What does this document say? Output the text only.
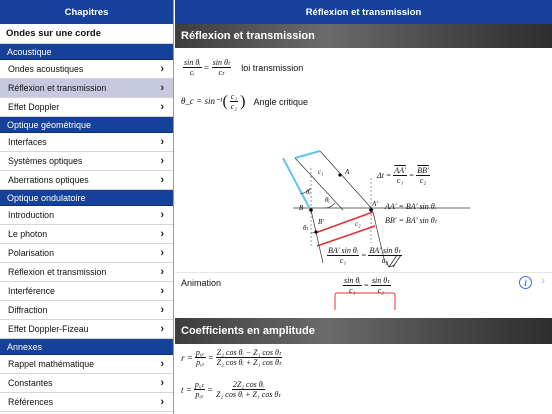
Chapitres
Ondes sur une corde
Acoustique
Ondes acoustiques	›
Réflexion et transmission	›
Effet Doppler	›
Optique géométrique
Interfaces	›
Systèmes optiques	›
Aberrations optiques	›
Optique ondulatoire
Introduction	›
Le photon	›
Polarisation	›
Réflexion et transmission	›
Interférence	›
Diffraction	›
Effet Doppler-Fizeau	›
Annexes
Rappel mathématique	›
Constantes	›
Références	›
Réflexion et transmission
Réflexion et transmission
$\frac{\text{sin θᵢ}}{\text{cᵢ}} = \frac{\text{sin θₜ}}{\text{cₜ}}$ loi transmission
θ_c = sin⁻¹ ( $\frac{\text{c₁}}{\text{c₂}}$ ) Angle critique
c₁	A
θᵢ
θᵢ
B	A′
B′	c₂
θₜ
$\Delta t = \frac{AA'}{\text{c₁}} = \frac{BB'}{\text{c₂}}$
AA′ = BA′ sin θᵢ
BB′ = BA′ sin θₜ
$\frac{\text{BA′ sin θᵢ}}{\text{c₁}} = \frac{\text{BA′ sin θₜ}}{\text{c₂}}$
$\frac{\text{sin θᵢ}}{\text{c₁}} = \frac{\text{sin θₜ}}{\text{c₂}}$
Animation	i	›
Coefficients en amplitude
$r = \frac{\text{p₀ᵣ}}{\text{p₀ᵢ}} = \frac{\text{Z₂ cos θᵢ − Z₁ cos θₜ}}{\text{Z₂ cos θᵢ + Z₁ cos θₜ}}$
$t = \frac{\text{p₀ₜ}}{\text{p₀ᵢ}} = \frac{\text{2Z₂ cos θᵢ}}{\text{Z₂ cos θᵢ + Z₁ cos θₜ}}$
